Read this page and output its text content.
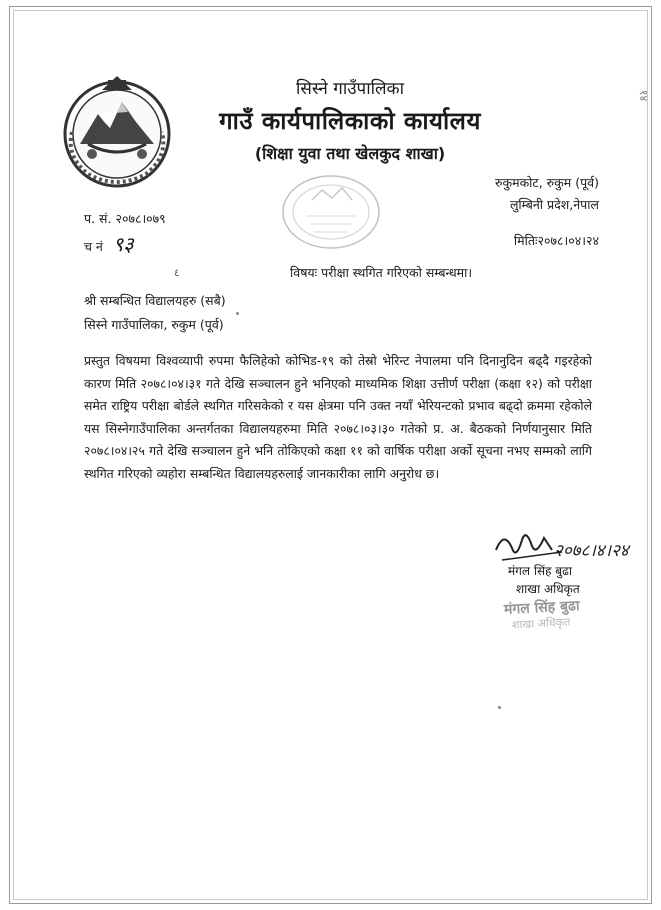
सिस्ने गाउँपालिका
गाउँ कार्यपालिकाको कार्यालय
(शिक्षा युवा तथा खेलकुद शाखा)
रुकुमकोट, रुकुम (पूर्व)
लुम्बिनी प्रदेश,नेपाल
प. सं. २०७८।०७९
च नं ९३	मितिः२०७८।०४।२४
٤	विषयः परीक्षा स्थगित गरिएको सम्बन्धमा।
श्री सम्बन्धित विद्यालयहरु (सबै)
सिस्ने गाउँपालिका, रुकुम (पूर्व)
प्रस्तुत विषयमा विश्वव्यापी रुपमा फैलिहेको कोभिड-१९ को तेस्रो भेरिन्ट नेपालमा पनि दिनानुदिन बढ्दै गइरहेको कारण मिति २०७८।०४।३१ गते देखि सञ्चालन हुने भनिएको माध्यमिक शिक्षा उत्तीर्ण परीक्षा (कक्षा १२) को परीक्षा समेत राष्ट्रिय परीक्षा बोर्डले स्थगित गरिसकेको र यस क्षेत्रमा पनि उक्त नयाँ भेरियन्टको प्रभाव बढ्दो क्रममा रहेकोले यस सिस्नेगाउँपालिका अन्तर्गतका विद्यालयहरुमा मिति २०७८।०३।३० गतेको प्र. अ. बैठकको निर्णयानुसार मिति २०७८।०४।२५ गते देखि सञ्चालन हुने भनि तोकिएको कक्षा ११ को वार्षिक परीक्षा अर्को सूचना नभए सम्मको लागि स्थगित गरिएको व्यहोरा सम्बन्धित विद्यालयहरुलाई जानकारीका लागि अनुरोध छ।
२०७८।४।२४
मंगल सिंह बुढा
शाखा अधिकृत
मंगल सिंह बुढा
शाखा अधिकृत
१४
